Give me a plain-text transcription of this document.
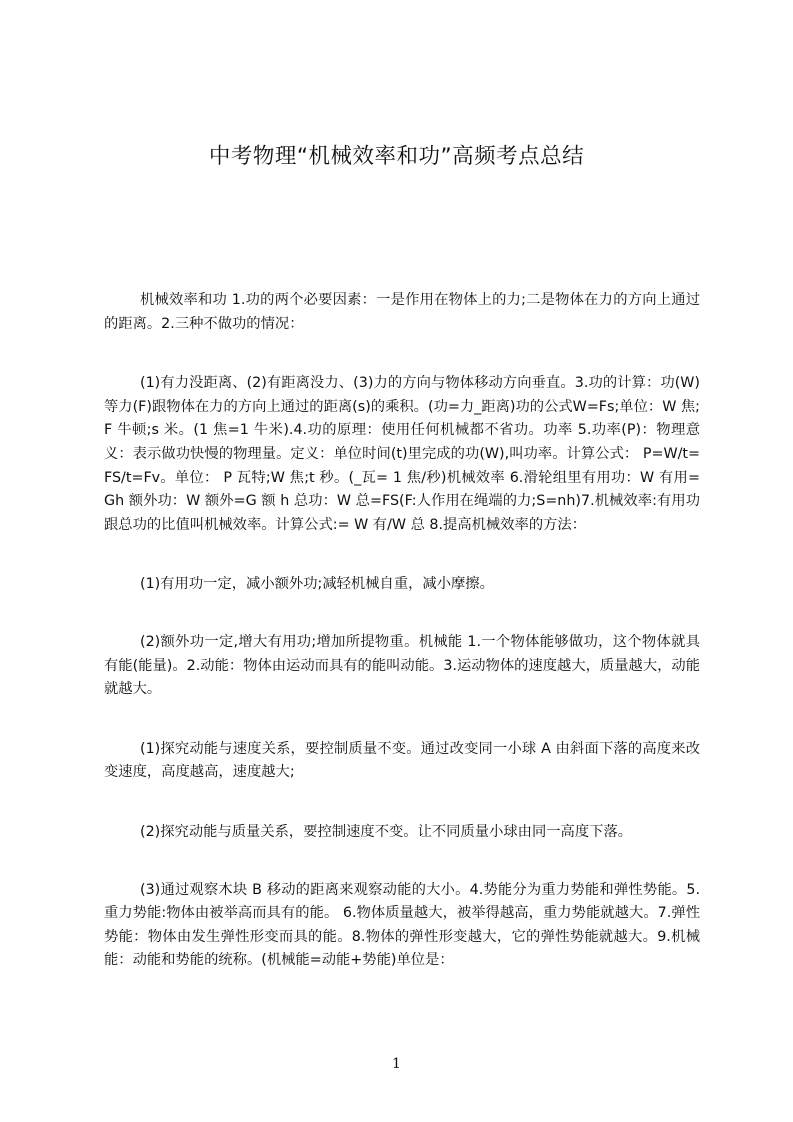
中考物理“机械效率和功”高频考点总结

机械效率和功 1.功的两个必要因素：一是作用在物体上的力;二是物体在力的方向上通过的距离。2.三种不做功的情况：

(1)有力没距离、(2)有距离没力、(3)力的方向与物体移动方向垂直。3.功的计算：功(W)等力(F)跟物体在力的方向上通过的距离(s)的乘积。(功=力_距离)功的公式W=Fs;单位：W 焦;F 牛顿;s 米。(1 焦=1 牛米).4.功的原理：使用任何机械都不省功。功率 5.功率(P)：物理意义：表示做功快慢的物理量。定义：单位时间(t)里完成的功(W),叫功率。计算公式： P=W/t=FS/t=Fv。单位： P 瓦特;W 焦;t 秒。(_瓦= 1 焦/秒)机械效率 6.滑轮组里有用功：W 有用=Gh 额外功：W 额外=G 额 h 总功：W 总=FS(F:人作用在绳端的力;S=nh)7.机械效率:有用功跟总功的比值叫机械效率。计算公式:= W 有/W 总 8.提高机械效率的方法：

(1)有用功一定，减小额外功;减轻机械自重，减小摩擦。

(2)额外功一定,增大有用功;增加所提物重。机械能 1.一个物体能够做功，这个物体就具有能(能量)。2.动能：物体由运动而具有的能叫动能。3.运动物体的速度越大，质量越大，动能就越大。

(1)探究动能与速度关系，要控制质量不变。通过改变同一小球 A 由斜面下落的高度来改变速度，高度越高，速度越大;

(2)探究动能与质量关系，要控制速度不变。让不同质量小球由同一高度下落。

(3)通过观察木块 B 移动的距离来观察动能的大小。4.势能分为重力势能和弹性势能。5.重力势能:物体由被举高而具有的能。 6.物体质量越大，被举得越高，重力势能就越大。7.弹性势能：物体由发生弹性形变而具的能。8.物体的弹性形变越大，它的弹性势能就越大。9.机械能：动能和势能的统称。(机械能=动能+势能)单位是：

1
